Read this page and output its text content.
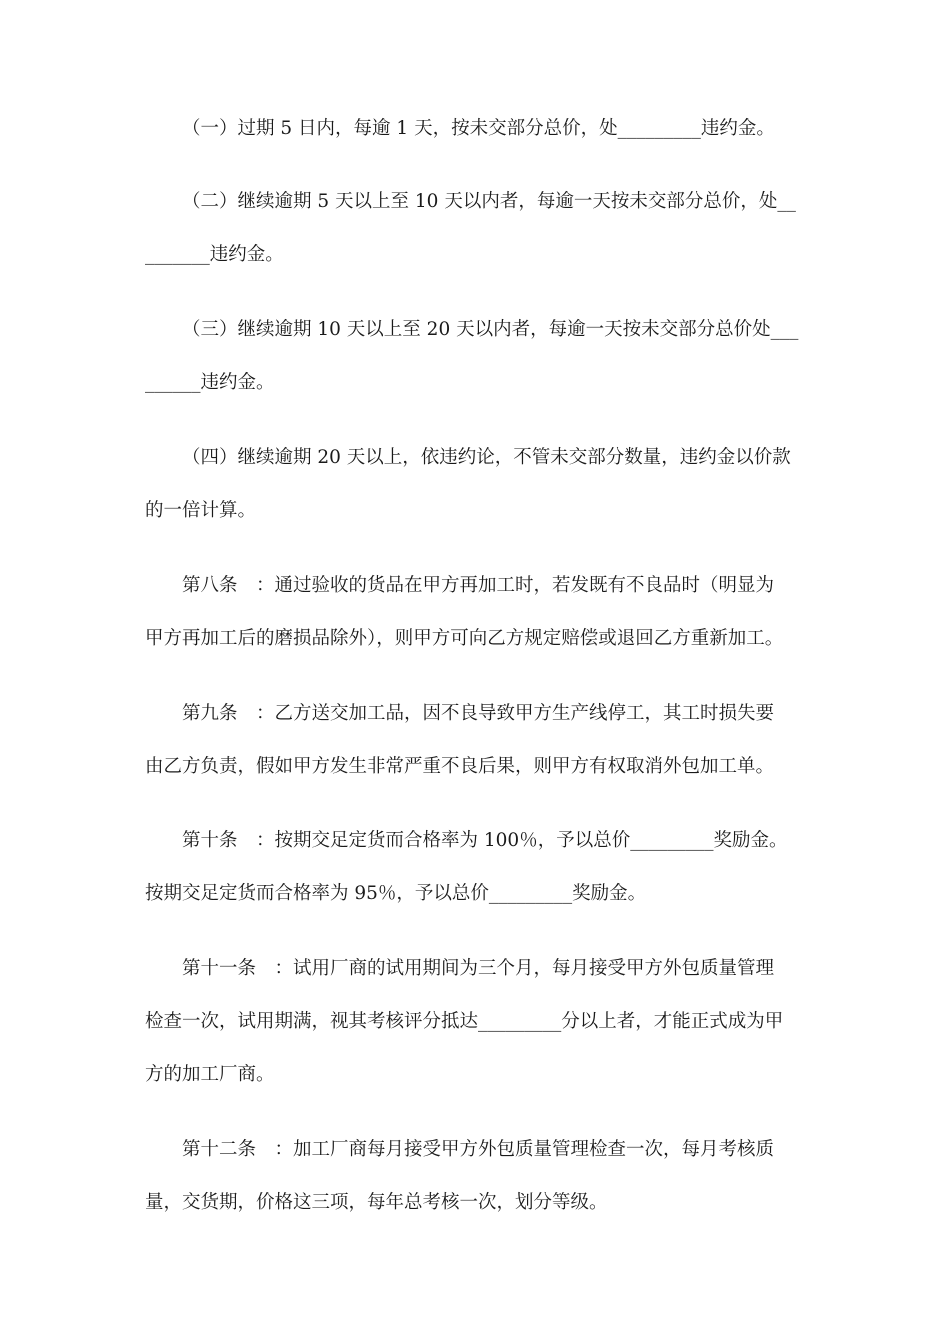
（一）过期 5 日内，每逾 1 天，按未交部分总价，处_________违约金。
（二）继续逾期 5 天以上至 10 天以内者，每逾一天按未交部分总价，处__
_______违约金。
（三）继续逾期 10 天以上至 20 天以内者，每逾一天按未交部分总价处___
______违约金。
（四）继续逾期 20 天以上，依违约论，不管未交部分数量，违约金以价款
的一倍计算。
第八条　：通过验收的货品在甲方再加工时，若发既有不良品时（明显为
甲方再加工后的磨损品除外），则甲方可向乙方规定赔偿或退回乙方重新加工。
第九条　：乙方送交加工品，因不良导致甲方生产线停工，其工时损失要
由乙方负责，假如甲方发生非常严重不良后果，则甲方有权取消外包加工单。
第十条　：按期交足定货而合格率为 100％，予以总价_________奖励金。
按期交足定货而合格率为 95％，予以总价_________奖励金。
第十一条　：试用厂商的试用期间为三个月，每月接受甲方外包质量管理
检查一次，试用期满，视其考核评分抵达_________分以上者，才能正式成为甲
方的加工厂商。
第十二条　：加工厂商每月接受甲方外包质量管理检查一次，每月考核质
量，交货期，价格这三项，每年总考核一次，划分等级。
